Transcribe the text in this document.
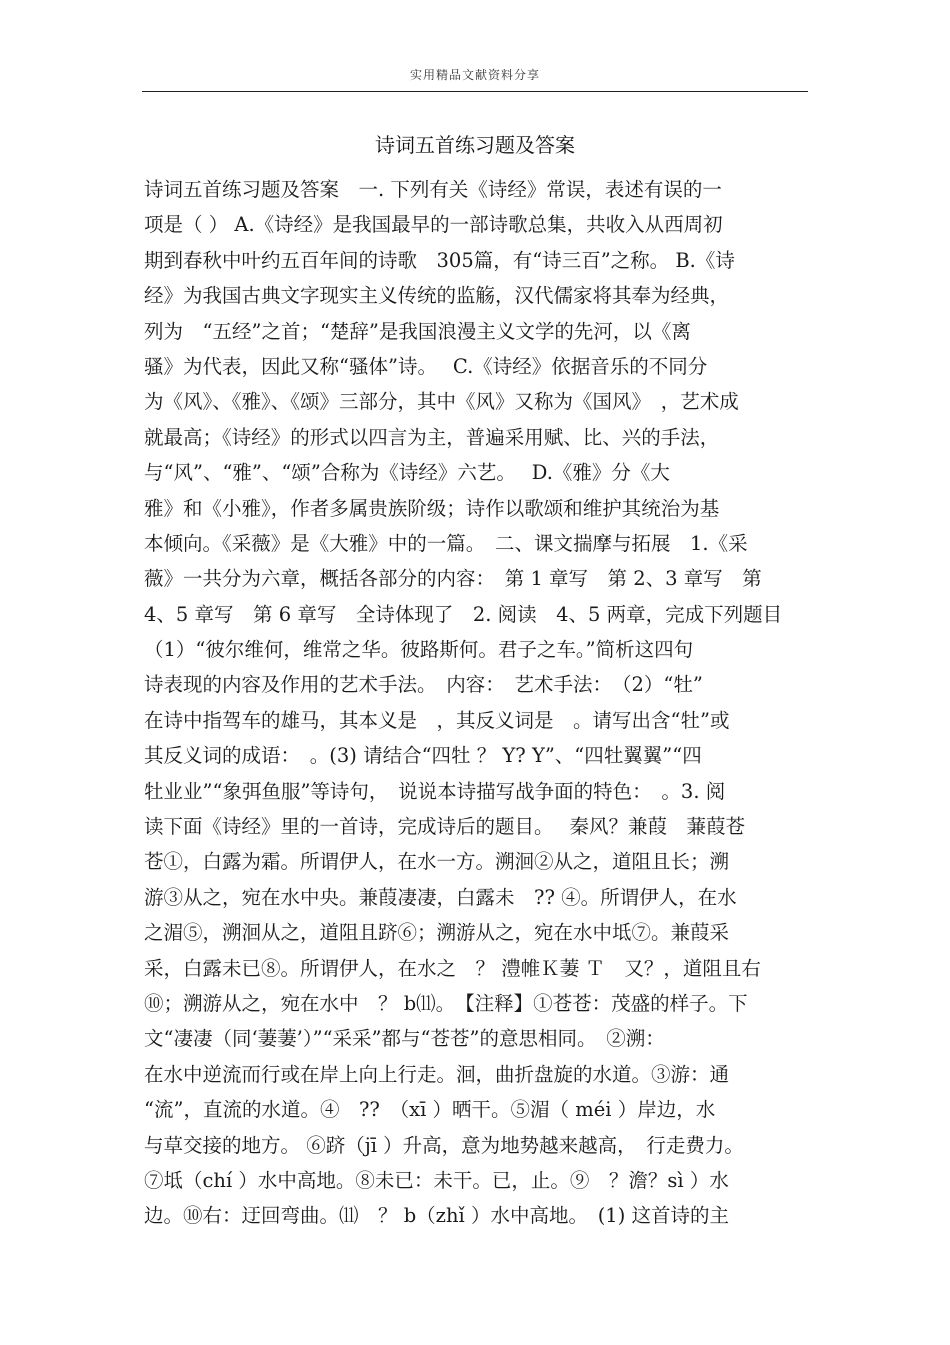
实用精品文献资料分享
诗词五首练习题及答案
诗词五首练习题及答案　一. 下列有关《诗经》常误，表述有误的一
项是（ ） A.《诗经》是我国最早的一部诗歌总集，共收入从西周初
期到春秋中叶约五百年间的诗歌　305篇，有“诗三百”之称。 B.《诗
经》为我国古典文字现实主义传统的监觞，汉代儒家将其奉为经典，
列为　“五经”之首；“楚辞”是我国浪漫主义文学的先河，以《离
骚》为代表，因此又称“骚体”诗。　 C.《诗经》依据音乐的不同分
为《风》、《雅》、《颂》三部分，其中《风》又称为《国风》　，艺术成
就最高；《诗经》的形式以四言为主，普遍采用赋、比、兴的手法，
与“风”、“雅”、“颂”合称为《诗经》六艺。　 D.《雅》分《大
雅》和《小雅》，作者多属贵族阶级；诗作以歌颂和维护其统治为基
本倾向。《采薇》是《大雅》中的一篇。　二、课文揣摩与拓展　1.《采
薇》一共分为六章，概括各部分的内容：　第 1 章写　第 2、3 章写　第
4、5 章写　第 6 章写　全诗体现了　2. 阅读　4、5 两章，完成下列题目
（1）“彼尔维何，维常之华。彼路斯何。君子之车。”简析这四句
诗表现的内容及作用的艺术手法。　内容：　艺术手法：　（2）“牡”
在诗中指驾车的雄马，其本义是　，其反义词是　。请写出含“牡”或
其反义词的成语：　。(3) 请结合“四牡 ？ Y? Y”、“四牡翼翼”“四
牡业业”“象弭鱼服”等诗句，　说说本诗描写战争面的特色：　。3. 阅
读下面《诗经》里的一首诗，完成诗后的题目。　 秦风？兼葭　蒹葭苍
苍①，白露为霜。所谓伊人，在水一方。溯洄②从之，道阻且长；溯
游③从之，宛在水中央。兼葭凄凄，白露未　?? ④。所谓伊人，在水
之湄⑤，溯洄从之，道阻且跻⑥；溯游从之，宛在水中坻⑦。兼葭采
采，白露未已⑧。所谓伊人，在水之　？ 澧帷Ｋ萋 Ｔ　又？，道阻且右
⑩；溯游从之，宛在水中　？ b⑾。　【注释】①苍苍：茂盛的样子。下
文“凄凄（同‘萋萋’）”“采采”都与“苍苍”的意思相同。　②溯：
在水中逆流而行或在岸上向上行走。洄，曲折盘旋的水道。③游：通
“流”，直流的水道。④　??　（xī ）晒干。⑤湄（ méi ）岸边，水
与草交接的地方。 ⑥跻（jī ）升高，意为地势越来越高，　行走费力。
⑦坻（chí ）水中高地。⑧未已：未干。已，止。⑨　？澹？sì ）水
边。⑩右：迂回弯曲。⑾　？ b（zhǐ ）水中高地。　(1) 这首诗的主
